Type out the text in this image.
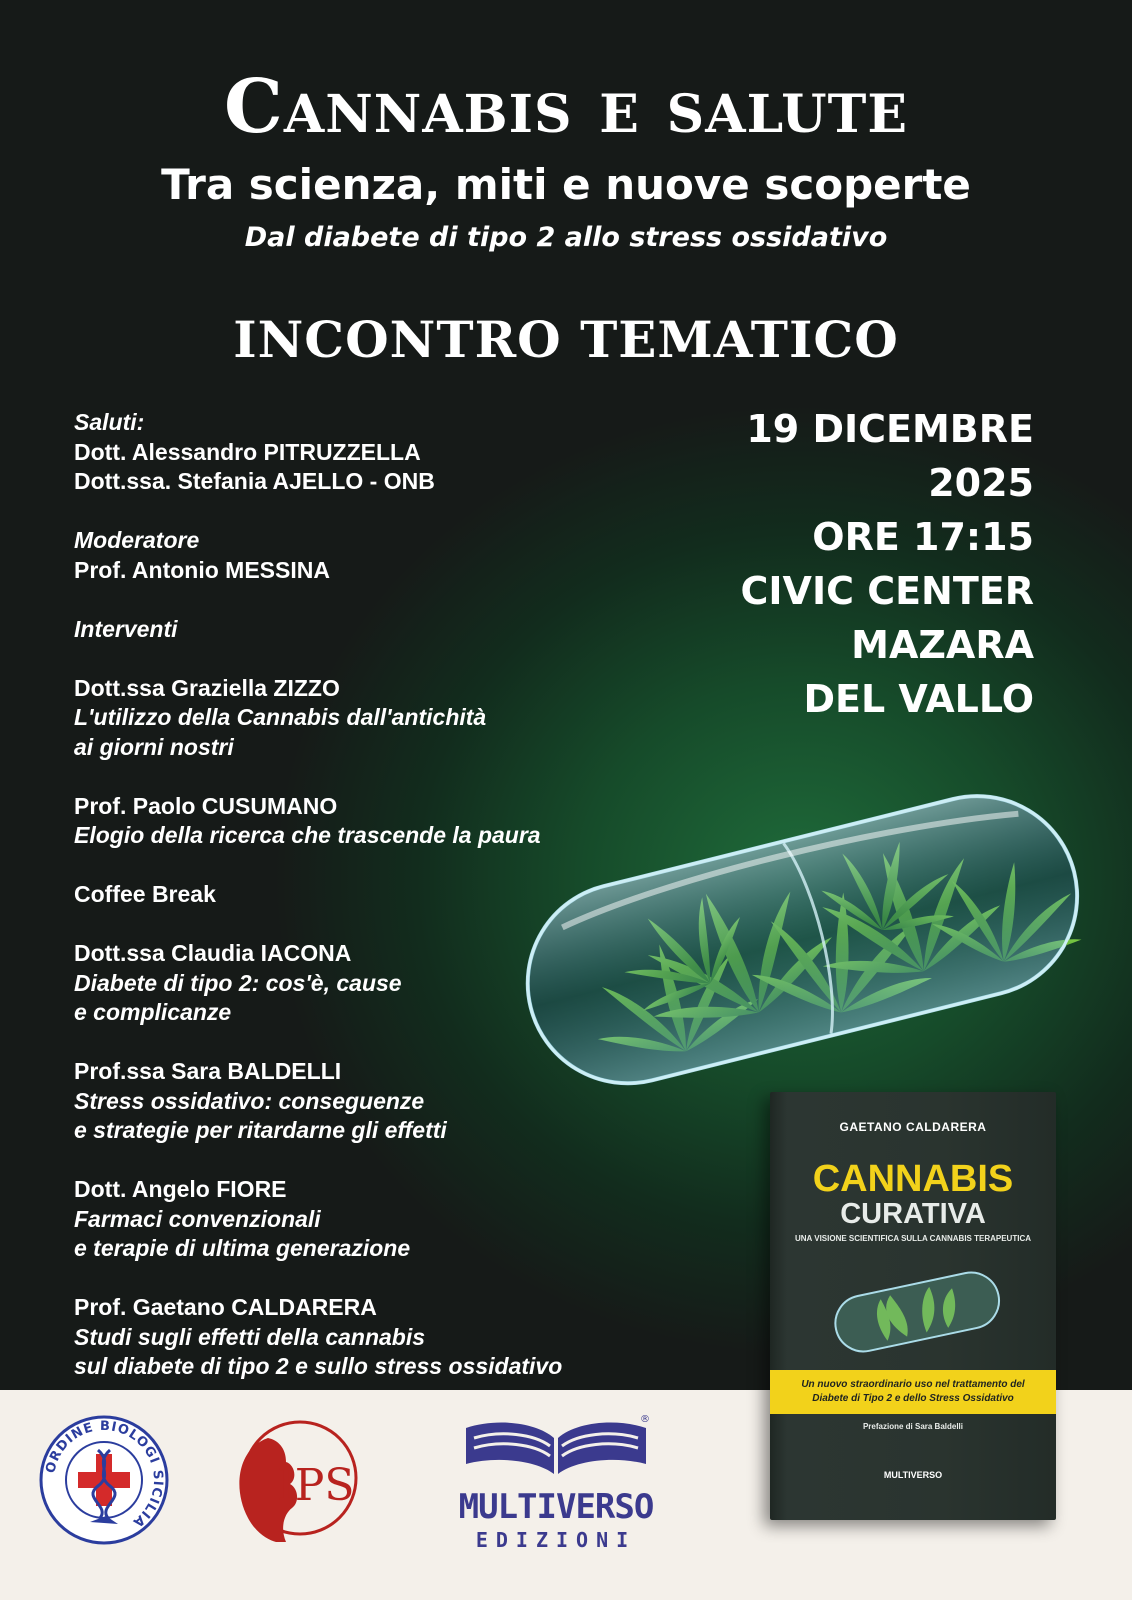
Cannabis e salute
Tra scienza, miti e nuove scoperte
Dal diabete di tipo 2 allo stress ossidativo
INCONTRO TEMATICO
Saluti:
Dott. Alessandro PITRUZZELLA
Dott.ssa. Stefania AJELLO - ONB
Moderatore
Prof. Antonio MESSINA
Interventi
Dott.ssa Graziella ZIZZO
L'utilizzo della Cannabis dall'antichità
ai giorni nostri
Prof. Paolo CUSUMANO
Elogio della ricerca che trascende la paura
Coffee Break
Dott.ssa Claudia IACONA
Diabete di tipo 2: cos'è, cause
e complicanze
Prof.ssa Sara BALDELLI
Stress ossidativo: conseguenze
e strategie per ritardarne gli effetti
Dott. Angelo FIORE
Farmaci convenzionali
e terapie di ultima generazione
Prof. Gaetano CALDARERA
Studi sugli effetti della cannabis
sul diabete di tipo 2 e sullo stress ossidativo
19 DICEMBRE
2025
ORE 17:15
CIVIC CENTER
MAZARA
DEL VALLO
ORDINE BIOLOGI SICILIA
IPS
®
MULTIVERSO
EDIZIONI
GAETANO CALDARERA
CANNABIS
CURATIVA
UNA VISIONE SCIENTIFICA SULLA CANNABIS TERAPEUTICA
Un nuovo straordinario uso nel trattamento del
Diabete di Tipo 2 e dello Stress Ossidativo
Prefazione di Sara Baldelli
MULTIVERSO
